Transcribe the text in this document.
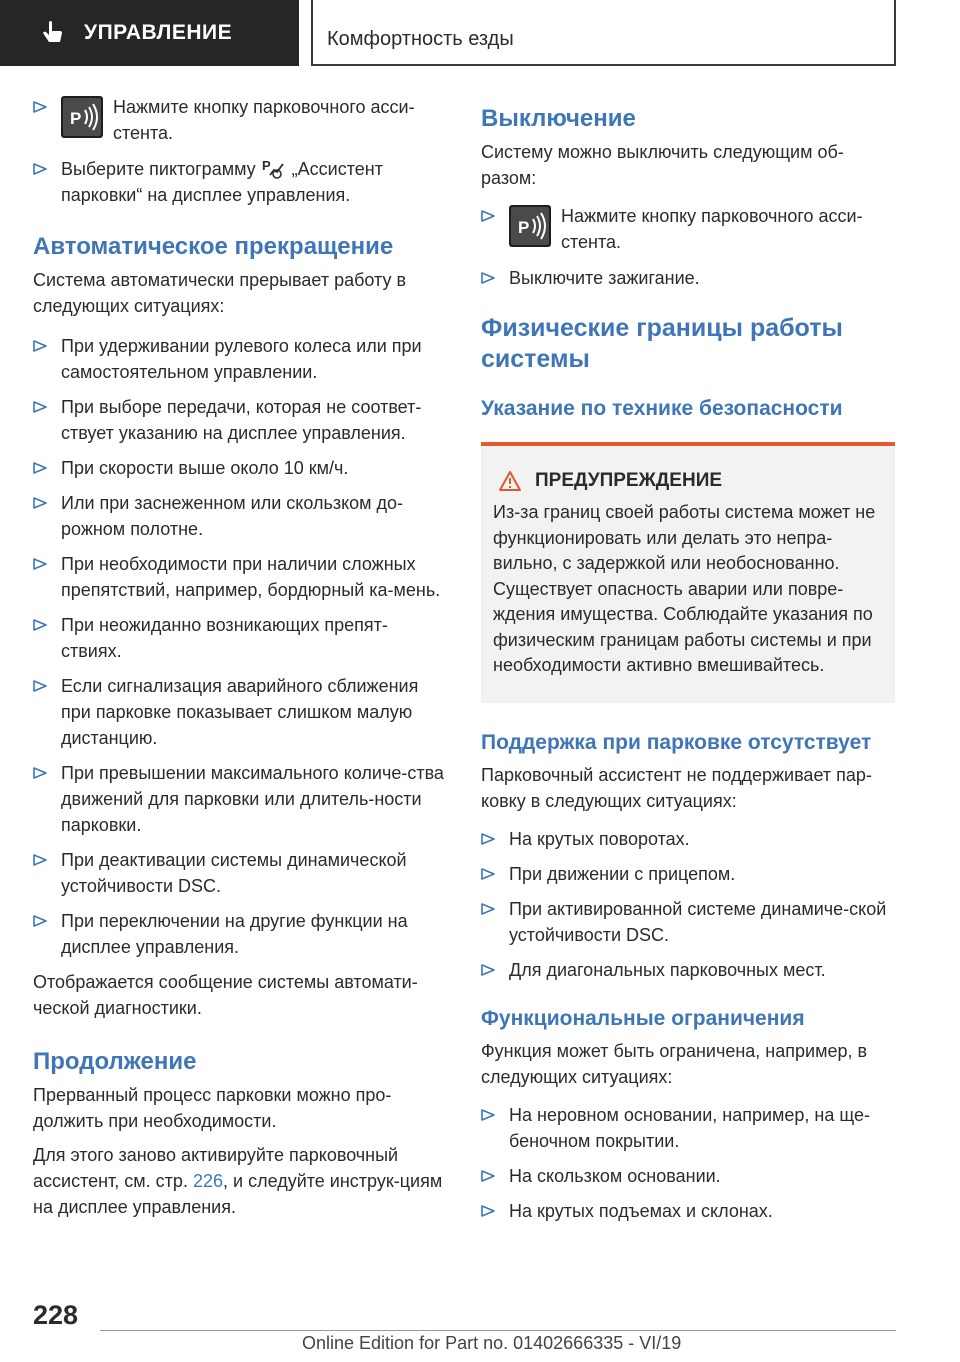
УПРАВЛЕНИЕ	Комфортность езды
Нажмите кнопку парковочного асси-стента.
Выберите пиктограмму P „Ассистент парковки“ на дисплее управления.
Автоматическое прекращение

Система автоматически прерывает работу в следующих ситуациях:

При удерживании рулевого колеса или при самостоятельном управлении.
При выборе передачи, которая не соответ-ствует указанию на дисплее управления.
При скорости выше около 10 км/ч.
Или при заснеженном или скользком до-рожном полотне.
При необходимости при наличии сложных препятствий, например, бордюрный ка-мень.
При неожиданно возникающих препят-ствиях.
Если сигнализация аварийного сближения при парковке показывает слишком малую дистанцию.
При превышении максимального количе-ства движений для парковки или длитель-ности парковки.
При деактивации системы динамической устойчивости DSC.
При переключении на другие функции на дисплее управления.

Отображается сообщение системы автомати-ческой диагностики.

Продолжение

Прерванный процесс парковки можно про-должить при необходимости.

Для этого заново активируйте парковочный ассистент, см. стр. 226, и следуйте инструк-циям на дисплее управления.

Выключение

Систему можно выключить следующим об-разом:

Нажмите кнопку парковочного асси-стента.
Выключите зажигание.
Физические границы работы системы
Указание по технике безопасности
ПРЕДУПРЕЖДЕНИЕ

Из-за границ своей работы система может не функционировать или делать это непра-вильно, с задержкой или необоснованно. Существует опасность аварии или повре-ждения имущества. Соблюдайте указания по физическим границам работы системы и при необходимости активно вмешивайтесь.

Поддержка при парковке отсутствует

Парковочный ассистент не поддерживает пар-ковку в следующих ситуациях:

На крутых поворотах.
При движении с прицепом.
При активированной системе динамиче-ской устойчивости DSC.
Для диагональных парковочных мест.
Функциональные ограничения

Функция может быть ограничена, например, в следующих ситуациях:

На неровном основании, например, на ще-беночном покрытии.
На скользком основании.
На крутых подъемах и склонах.
228
Online Edition for Part no. 01402666335 - VI/19
